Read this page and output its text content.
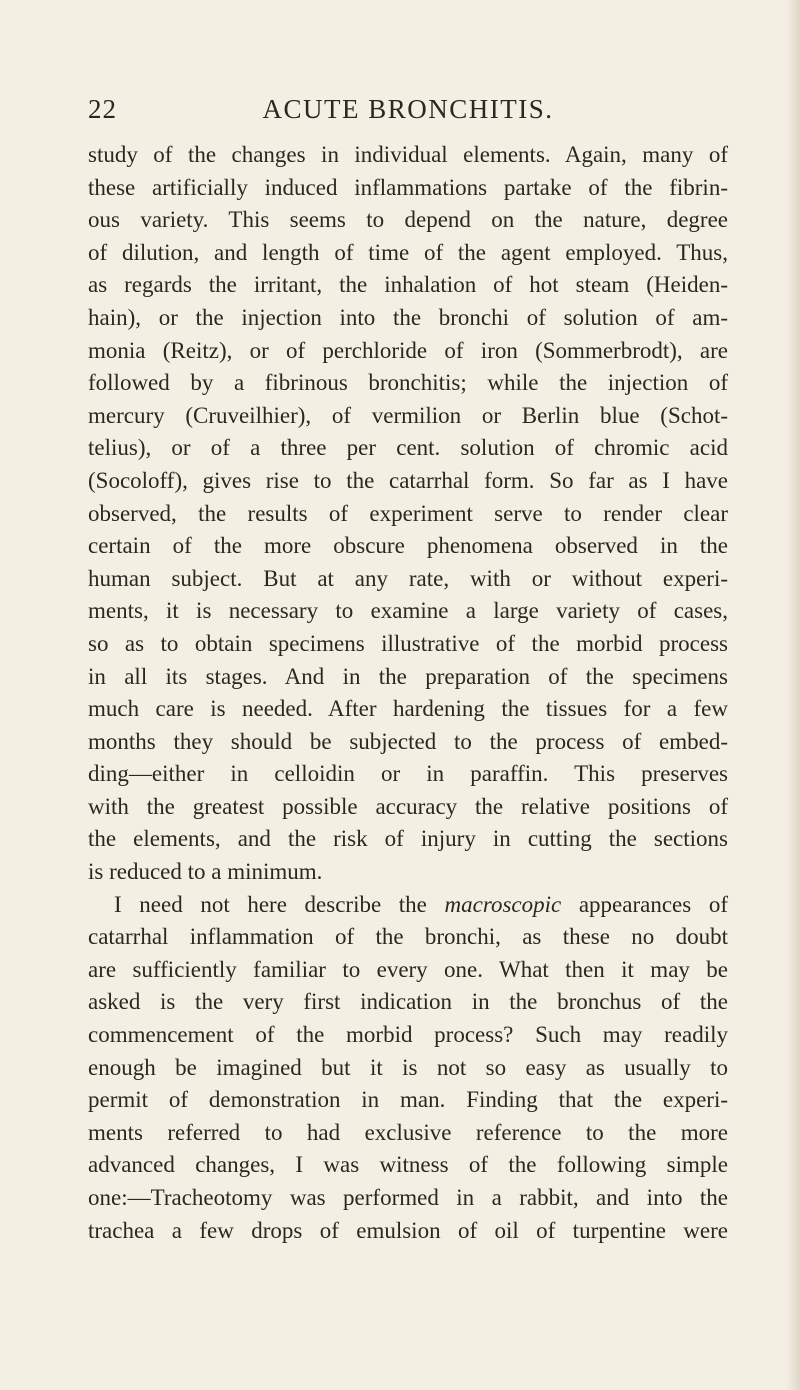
22	ACUTE BRONCHITIS.
study of the changes in individual elements. Again, many of
these artificially induced inflammations partake of the fibrin-
ous variety. This seems to depend on the nature, degree
of dilution, and length of time of the agent employed. Thus,
as regards the irritant, the inhalation of hot steam (Heiden-
hain), or the injection into the bronchi of solution of am-
monia (Reitz), or of perchloride of iron (Sommerbrodt), are
followed by a fibrinous bronchitis; while the injection of
mercury (Cruveilhier), of vermilion or Berlin blue (Schot-
telius), or of a three per cent. solution of chromic acid
(Socoloff), gives rise to the catarrhal form. So far as I have
observed, the results of experiment serve to render clear
certain of the more obscure phenomena observed in the
human subject. But at any rate, with or without experi-
ments, it is necessary to examine a large variety of cases,
so as to obtain specimens illustrative of the morbid process
in all its stages. And in the preparation of the specimens
much care is needed. After hardening the tissues for a few
months they should be subjected to the process of embed-
ding—either in celloidin or in paraffin. This preserves
with the greatest possible accuracy the relative positions of
the elements, and the risk of injury in cutting the sections
is reduced to a minimum.
I need not here describe the macroscopic appearances of
catarrhal inflammation of the bronchi, as these no doubt
are sufficiently familiar to every one. What then it may be
asked is the very first indication in the bronchus of the
commencement of the morbid process? Such may readily
enough be imagined but it is not so easy as usually to
permit of demonstration in man. Finding that the experi-
ments referred to had exclusive reference to the more
advanced changes, I was witness of the following simple
one:—Tracheotomy was performed in a rabbit, and into the
trachea a few drops of emulsion of oil of turpentine were
